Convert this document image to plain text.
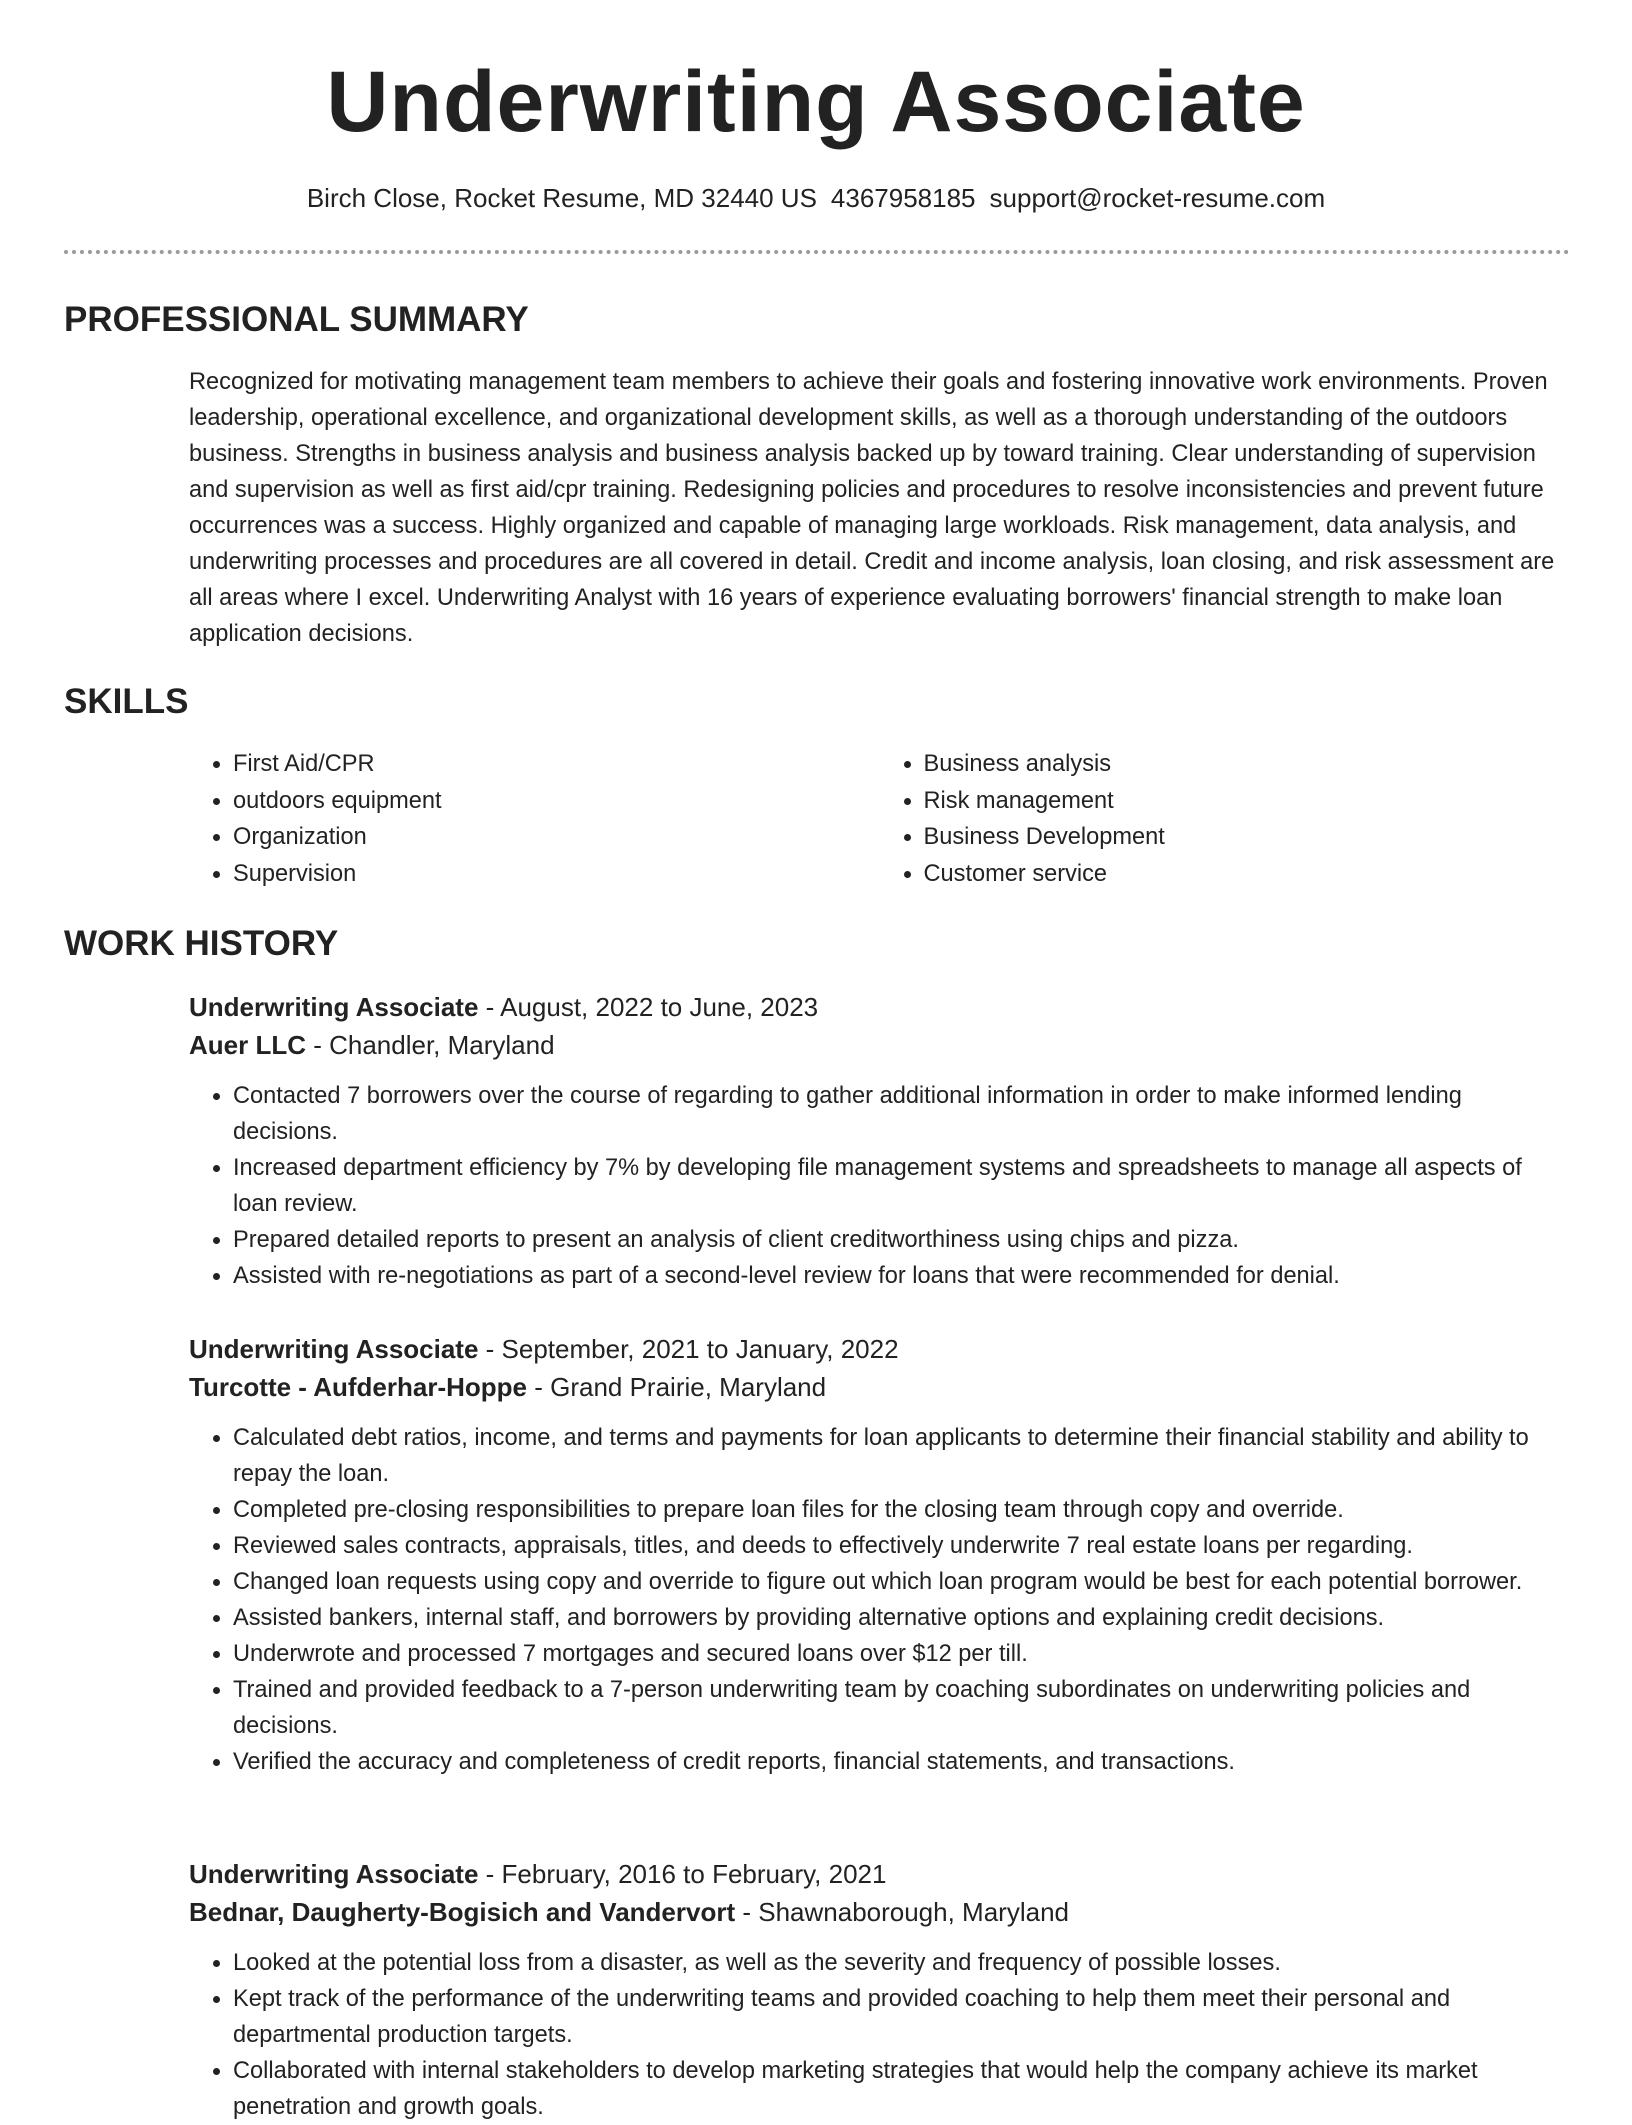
Underwriting Associate
Birch Close, Rocket Resume, MD 32440 US 4367958185 support@rocket-resume.com
PROFESSIONAL SUMMARY
Recognized for motivating management team members to achieve their goals and fostering innovative work environments. Proven leadership, operational excellence, and organizational development skills, as well as a thorough understanding of the outdoors business. Strengths in business analysis and business analysis backed up by toward training. Clear understanding of supervision and supervision as well as first aid/cpr training. Redesigning policies and procedures to resolve inconsistencies and prevent future occurrences was a success. Highly organized and capable of managing large workloads. Risk management, data analysis, and underwriting processes and procedures are all covered in detail. Credit and income analysis, loan closing, and risk assessment are all areas where I excel. Underwriting Analyst with 16 years of experience evaluating borrowers' financial strength to make loan application decisions.
SKILLS
• First Aid/CPR
• outdoors equipment
• Organization
• Supervision
• Business analysis
• Risk management
• Business Development
• Customer service
WORK HISTORY
Underwriting Associate - August, 2022 to June, 2023
Auer LLC - Chandler, Maryland
• Contacted 7 borrowers over the course of regarding to gather additional information in order to make informed lending decisions.
• Increased department efficiency by 7% by developing file management systems and spreadsheets to manage all aspects of loan review.
• Prepared detailed reports to present an analysis of client creditworthiness using chips and pizza.
• Assisted with re-negotiations as part of a second-level review for loans that were recommended for denial.
Underwriting Associate - September, 2021 to January, 2022
Turcotte - Aufderhar-Hoppe - Grand Prairie, Maryland
• Calculated debt ratios, income, and terms and payments for loan applicants to determine their financial stability and ability to repay the loan.
• Completed pre-closing responsibilities to prepare loan files for the closing team through copy and override.
• Reviewed sales contracts, appraisals, titles, and deeds to effectively underwrite 7 real estate loans per regarding.
• Changed loan requests using copy and override to figure out which loan program would be best for each potential borrower.
• Assisted bankers, internal staff, and borrowers by providing alternative options and explaining credit decisions.
• Underwrote and processed 7 mortgages and secured loans over $12 per till.
• Trained and provided feedback to a 7-person underwriting team by coaching subordinates on underwriting policies and decisions.
• Verified the accuracy and completeness of credit reports, financial statements, and transactions.
Underwriting Associate - February, 2016 to February, 2021
Bednar, Daugherty-Bogisich and Vandervort - Shawnaborough, Maryland
• Looked at the potential loss from a disaster, as well as the severity and frequency of possible losses.
• Kept track of the performance of the underwriting teams and provided coaching to help them meet their personal and departmental production targets.
• Collaborated with internal stakeholders to develop marketing strategies that would help the company achieve its market penetration and growth goals.
